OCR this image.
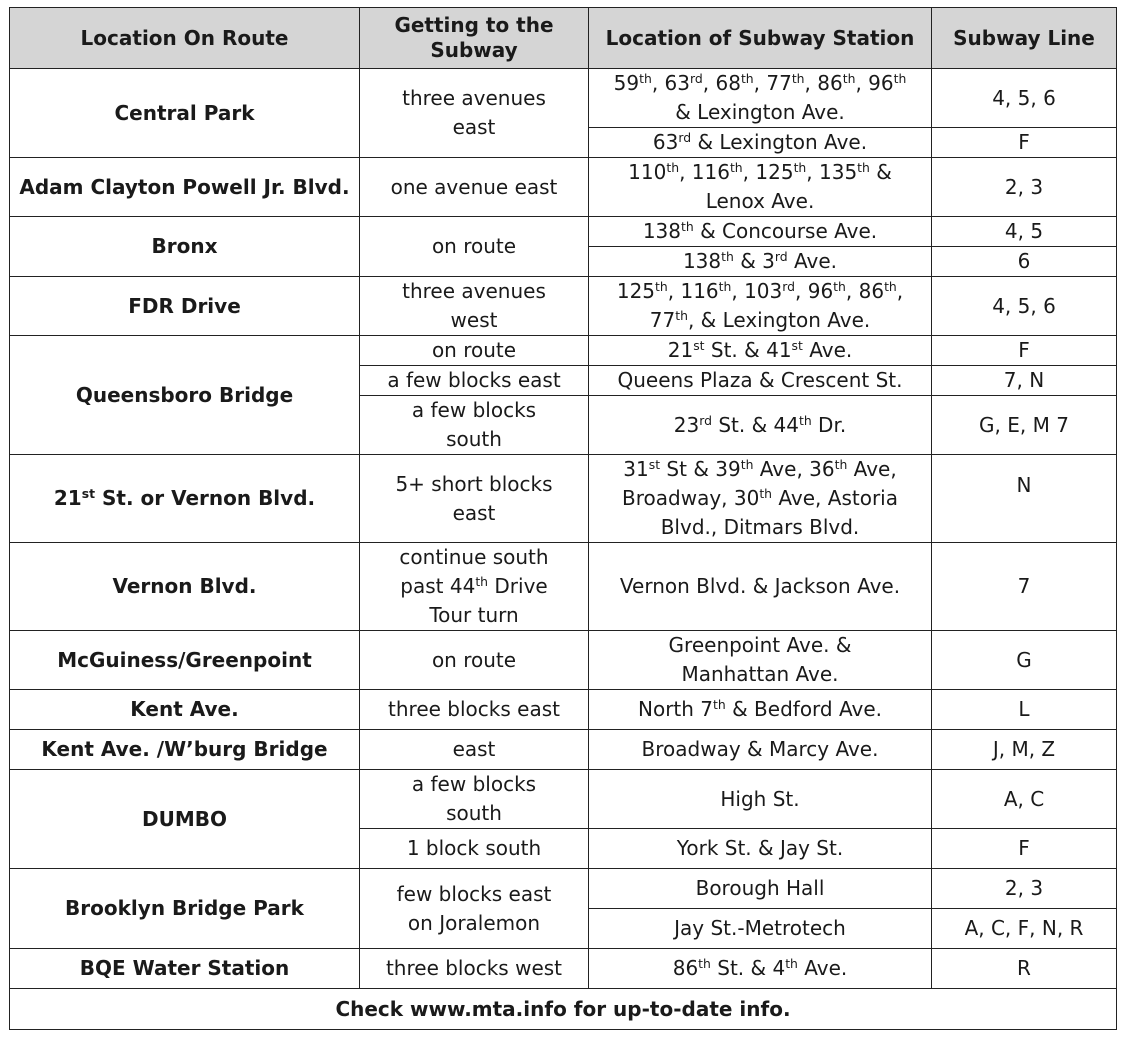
Location On Route	Getting to the Subway	Location of Subway Station	Subway Line
Central Park	three avenues east	59th, 63rd, 68th, 77th, 86th, 96th & Lexington Ave.	4, 5, 6
		63rd & Lexington Ave.	F
Adam Clayton Powell Jr. Blvd.	one avenue east	110th, 116th, 125th, 135th & Lenox Ave.	2, 3
Bronx	on route	138th & Concourse Ave.	4, 5
		138th & 3rd Ave.	6
FDR Drive	three avenues west	125th, 116th, 103rd, 96th, 86th, 77th, & Lexington Ave.	4, 5, 6
Queensboro Bridge	on route	21st St. & 41st Ave.	F
	a few blocks east	Queens Plaza & Crescent St.	7, N
	a few blocks south	23rd St. & 44th Dr.	G, E, M 7
21st St. or Vernon Blvd.	5+ short blocks east	31st St & 39th Ave, 36th Ave, Broadway, 30th Ave, Astoria Blvd., Ditmars Blvd.	N
Vernon Blvd.	continue south past 44th Drive Tour turn	Vernon Blvd. & Jackson Ave.	7
McGuiness/Greenpoint	on route	Greenpoint Ave. & Manhattan Ave.	G
Kent Ave.	three blocks east	North 7th & Bedford Ave.	L
Kent Ave. /W’burg Bridge	east	Broadway & Marcy Ave.	J, M, Z
DUMBO	a few blocks south	High St.	A, C
	1 block south	York St. & Jay St.	F
Brooklyn Bridge Park	few blocks east on Joralemon	Borough Hall	2, 3
		Jay St.-Metrotech	A, C, F, N, R
BQE Water Station	three blocks west	86th St. & 4th Ave.	R
Check www.mta.info for up-to-date info.			
